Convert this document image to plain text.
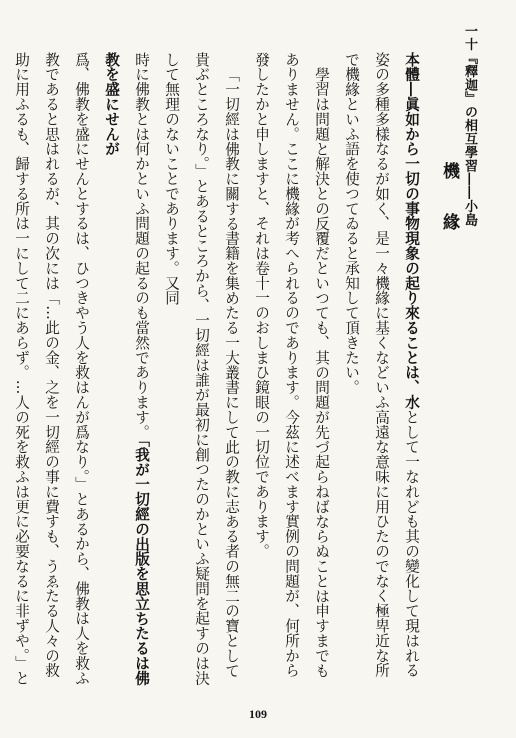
一十『釋迦』の相互學習――小島
機 緣

本體―眞如から一切の事物現象の起り來ることは、水として一なれども其の變化して現はれる姿の多種多樣なるが如く、是一々機緣に基くなどいふ高遠な意味に用ひたのでなく極卑近な所で機緣といふ語を使つてゐると承知して頂きたい。

學習は問題と解決との反覆だといつても、其の問題が先づ起らねばならぬことは申すまでもありません。ここに機緣が考へられるのであります。今茲に述べます實例の問題が、何所から發したかと申しますと、それは卷十一のおしまひ鏡眼の一切位であります。

「一切經は佛教に關する書籍を集めたる一大叢書にして此の教に志ある者の無二の寶として貴ぶところなり。」とあるところから、一切經は誰が最初に創つたのかといふ疑問を起すのは決して無理のないことであります。又同

時に佛教とは何かといふ問題の起るのも當然であります。「我が一切經の出版を思立ちたるは佛教を盛にせんが

爲、佛教を盛にせんとするは、ひつきやう人を救はんが爲なり。」とあるから、佛教は人を救ふ教であると思はれるが、其の次には「…此の金、之を一切經の事に費すも、うゑたる人々の救助に用ふるも、歸する所は一にして二にあらず。…人の死を救ふは更に必要なるに非ずや。」と

109
